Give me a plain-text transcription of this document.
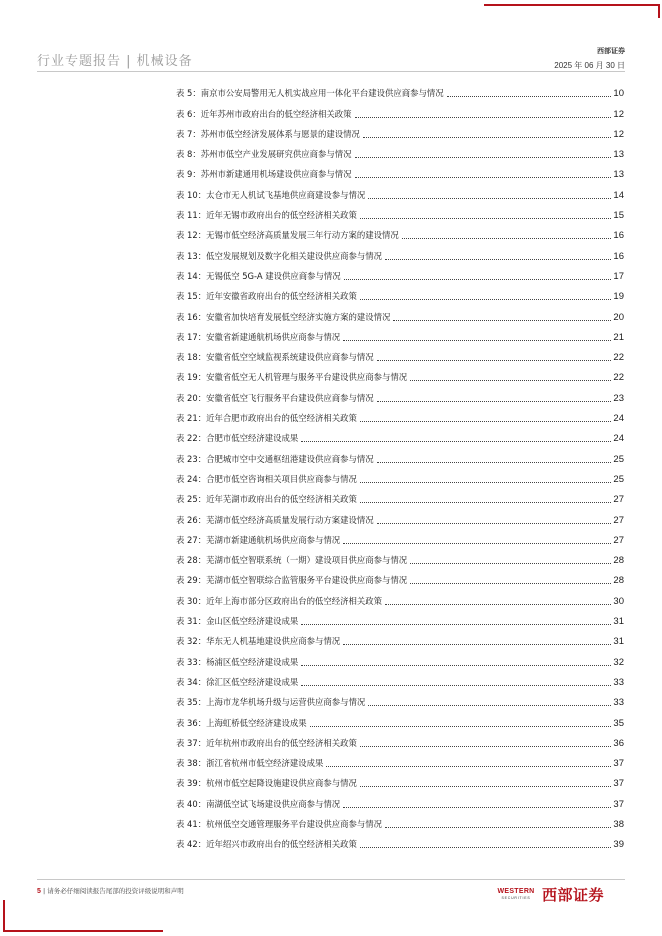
行业专题报告 | 机械设备
西部证券
2025 年 06 月 30 日
表 5：南京市公安局警用无人机实战应用一体化平台建设供应商参与情况	10
表 6：近年苏州市政府出台的低空经济相关政策	12
表 7：苏州市低空经济发展体系与愿景的建设情况	12
表 8：苏州市低空产业发展研究供应商参与情况	13
表 9：苏州市新建通用机场建设供应商参与情况	13
表 10：太仓市无人机试飞基地供应商建设参与情况	14
表 11：近年无锡市政府出台的低空经济相关政策	15
表 12：无锡市低空经济高质量发展三年行动方案的建设情况	16
表 13：低空发展规划及数字化相关建设供应商参与情况	16
表 14：无锡低空 5G-A 建设供应商参与情况	17
表 15：近年安徽省政府出台的低空经济相关政策	19
表 16：安徽省加快培育发展低空经济实施方案的建设情况	20
表 17：安徽省新建通航机场供应商参与情况	21
表 18：安徽省低空空域监视系统建设供应商参与情况	22
表 19：安徽省低空无人机管理与服务平台建设供应商参与情况	22
表 20：安徽省低空飞行服务平台建设供应商参与情况	23
表 21：近年合肥市政府出台的低空经济相关政策	24
表 22：合肥市低空经济建设成果	24
表 23：合肥城市空中交通枢纽港建设供应商参与情况	25
表 24：合肥市低空咨询相关项目供应商参与情况	25
表 25：近年芜湖市政府出台的低空经济相关政策	27
表 26：芜湖市低空经济高质量发展行动方案建设情况	27
表 27：芜湖市新建通航机场供应商参与情况	27
表 28：芜湖市低空智联系统（一期）建设项目供应商参与情况	28
表 29：芜湖市低空智联综合监管服务平台建设供应商参与情况	28
表 30：近年上海市部分区政府出台的低空经济相关政策	30
表 31：金山区低空经济建设成果	31
表 32：华东无人机基地建设供应商参与情况	31
表 33：杨浦区低空经济建设成果	32
表 34：徐汇区低空经济建设成果	33
表 35：上海市龙华机场升级与运营供应商参与情况	33
表 36：上海虹桥低空经济建设成果	35
表 37：近年杭州市政府出台的低空经济相关政策	36
表 38：浙江省杭州市低空经济建设成果	37
表 39：杭州市低空起降设施建设供应商参与情况	37
表 40：南湖低空试飞场建设供应商参与情况	37
表 41：杭州低空交通管理服务平台建设供应商参与情况	38
表 42：近年绍兴市政府出台的低空经济相关政策	39
5 | 请务必仔细阅读报告尾部的投资评级说明和声明	WESTERN
SECURITIES 西部证券
